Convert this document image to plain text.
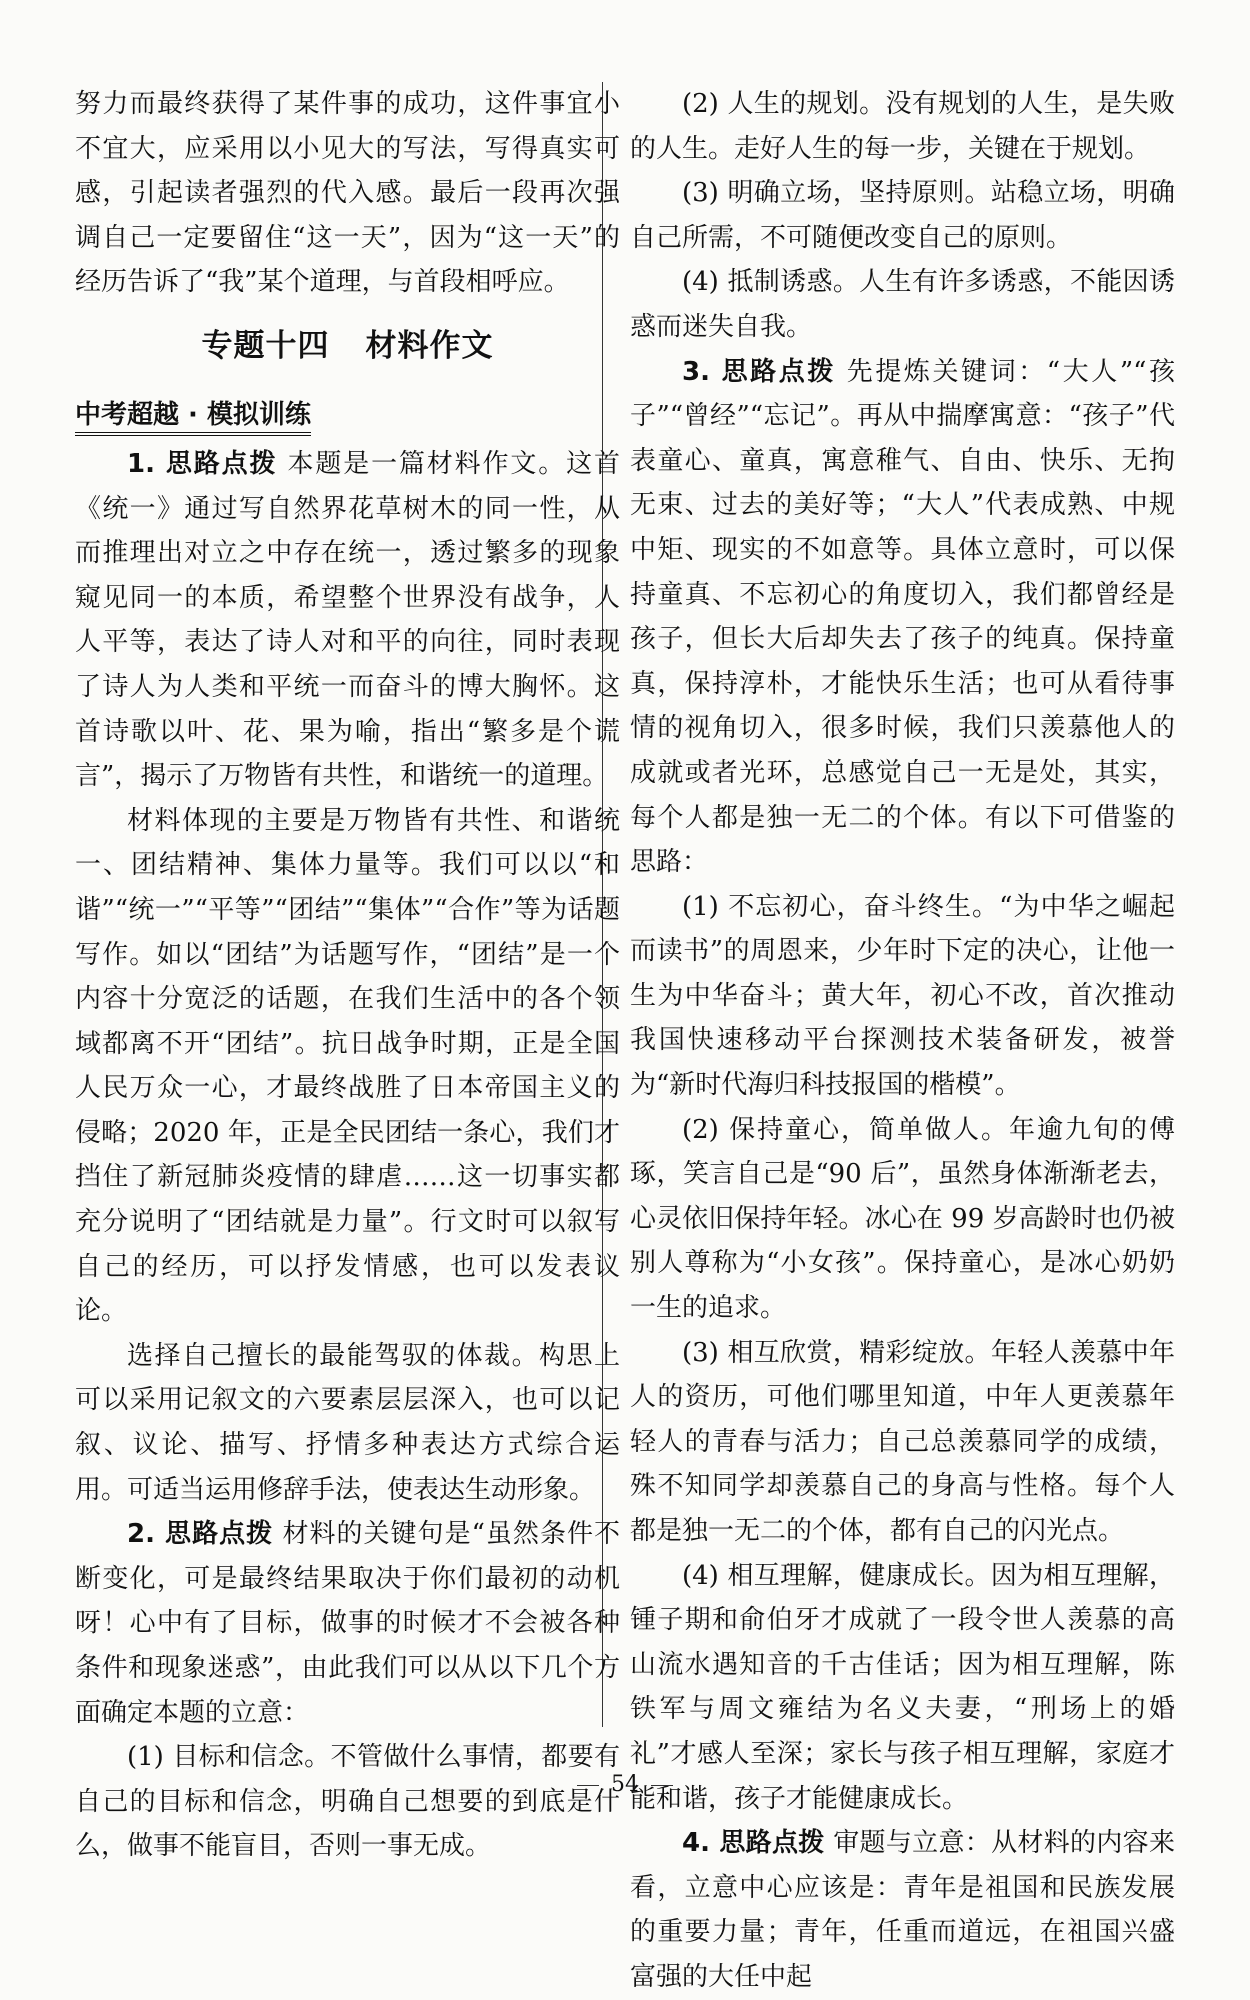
努力而最终获得了某件事的成功，这件事宜小不宜大，应采用以小见大的写法，写得真实可感，引起读者强烈的代入感。最后一段再次强调自己一定要留住“这一天”，因为“这一天”的经历告诉了“我”某个道理，与首段相呼应。

专题十四 材料作文
中考超越 · 模拟训练

1. 思路点拨 本题是一篇材料作文。这首《统一》通过写自然界花草树木的同一性，从而推理出对立之中存在统一，透过繁多的现象窥见同一的本质，希望整个世界没有战争，人人平等，表达了诗人对和平的向往，同时表现了诗人为人类和平统一而奋斗的博大胸怀。这首诗歌以叶、花、果为喻，指出“繁多是个谎言”，揭示了万物皆有共性，和谐统一的道理。

材料体现的主要是万物皆有共性、和谐统一、团结精神、集体力量等。我们可以以“和谐”“统一”“平等”“团结”“集体”“合作”等为话题写作。如以“团结”为话题写作，“团结”是一个内容十分宽泛的话题，在我们生活中的各个领域都离不开“团结”。抗日战争时期，正是全国人民万众一心，才最终战胜了日本帝国主义的侵略；2020 年，正是全民团结一条心，我们才挡住了新冠肺炎疫情的肆虐……这一切事实都充分说明了“团结就是力量”。行文时可以叙写自己的经历，可以抒发情感，也可以发表议论。

选择自己擅长的最能驾驭的体裁。构思上可以采用记叙文的六要素层层深入，也可以记叙、议论、描写、抒情多种表达方式综合运用。可适当运用修辞手法，使表达生动形象。

2. 思路点拨 材料的关键句是“虽然条件不断变化，可是最终结果取决于你们最初的动机呀！心中有了目标，做事的时候才不会被各种条件和现象迷惑”，由此我们可以从以下几个方面确定本题的立意：

(1) 目标和信念。不管做什么事情，都要有自己的目标和信念，明确自己想要的到底是什么，做事不能盲目，否则一事无成。

(2) 人生的规划。没有规划的人生，是失败的人生。走好人生的每一步，关键在于规划。

(3) 明确立场，坚持原则。站稳立场，明确自己所需，不可随便改变自己的原则。

(4) 抵制诱惑。人生有许多诱惑，不能因诱惑而迷失自我。

3. 思路点拨 先提炼关键词：“大人”“孩子”“曾经”“忘记”。再从中揣摩寓意：“孩子”代表童心、童真，寓意稚气、自由、快乐、无拘无束、过去的美好等；“大人”代表成熟、中规中矩、现实的不如意等。具体立意时，可以保持童真、不忘初心的角度切入，我们都曾经是孩子，但长大后却失去了孩子的纯真。保持童真，保持淳朴，才能快乐生活；也可从看待事情的视角切入，很多时候，我们只羡慕他人的成就或者光环，总感觉自己一无是处，其实，每个人都是独一无二的个体。有以下可借鉴的思路：

(1) 不忘初心，奋斗终生。“为中华之崛起而读书”的周恩来，少年时下定的决心，让他一生为中华奋斗；黄大年，初心不改，首次推动我国快速移动平台探测技术装备研发，被誉为“新时代海归科技报国的楷模”。

(2) 保持童心，简单做人。年逾九旬的傅琢，笑言自己是“90 后”，虽然身体渐渐老去，心灵依旧保持年轻。冰心在 99 岁高龄时也仍被别人尊称为“小女孩”。保持童心，是冰心奶奶一生的追求。

(3) 相互欣赏，精彩绽放。年轻人羡慕中年人的资历，可他们哪里知道，中年人更羡慕年轻人的青春与活力；自己总羡慕同学的成绩，殊不知同学却羡慕自己的身高与性格。每个人都是独一无二的个体，都有自己的闪光点。

(4) 相互理解，健康成长。因为相互理解，锺子期和俞伯牙才成就了一段令世人羡慕的高山流水遇知音的千古佳话；因为相互理解，陈铁军与周文雍结为名义夫妻，“刑场上的婚礼”才感人至深；家长与孩子相互理解，家庭才能和谐，孩子才能健康成长。

4. 思路点拨 审题与立意：从材料的内容来看，立意中心应该是：青年是祖国和民族发展的重要力量；青年，任重而道远，在祖国兴盛富强的大任中起

54
